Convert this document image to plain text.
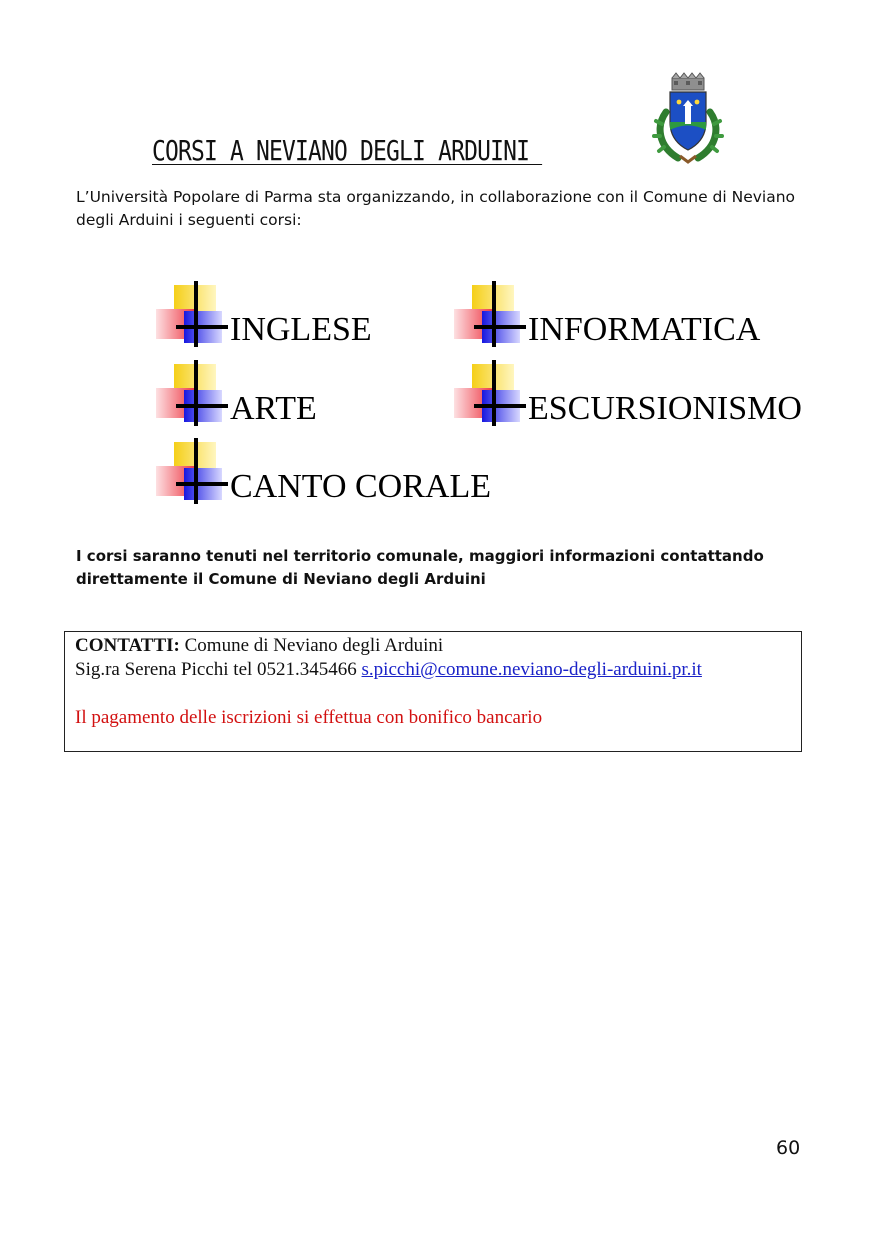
CORSI A NEVIANO DEGLI ARDUINI
L’Università Popolare di Parma sta organizzando, in collaborazione con il Comune di Neviano degli Arduini i seguenti corsi:
INGLESE	INFORMATICA
ARTE	ESCURSIONISMO
CANTO CORALE
I corsi saranno tenuti nel territorio comunale, maggiori informazioni contattando direttamente il Comune di Neviano degli Arduini
CONTATTI: Comune di Neviano degli Arduini
Sig.ra Serena Picchi tel 0521.345466 s.picchi@comune.neviano-degli-arduini.pr.it
Il pagamento delle iscrizioni si effettua con bonifico bancario
60
